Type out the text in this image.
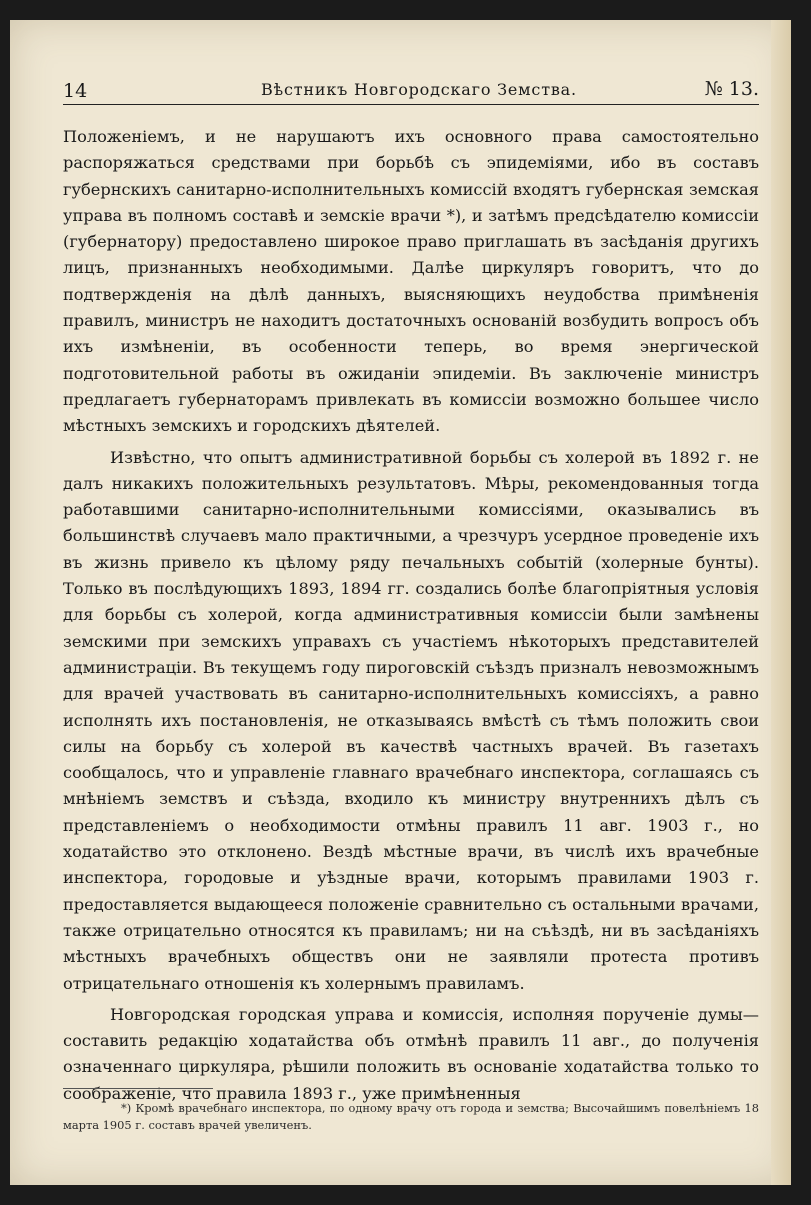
14	Вѣстникъ Новгородскаго Земства.	№ 13.

Положеніемъ, и не нарушаютъ ихъ основного права самостоятельно распоряжаться средствами при борьбѣ съ эпидеміями, ибо въ составъ губернскихъ санитарно-исполнительныхъ комиссій входятъ губернская земская управа въ полномъ составѣ и земскіе врачи *), и затѣмъ предсѣдателю комиссіи (губернатору) предоставлено широкое право приглашать въ засѣданія другихъ лицъ, признанныхъ необходимыми. Далѣе циркуляръ говоритъ, что до подтвержденія на дѣлѣ данныхъ, выясняющихъ неудобства примѣненія правилъ, министръ не находитъ достаточныхъ основаній возбудить вопросъ объ ихъ измѣненіи, въ особенности теперь, во время энергической подготовительной работы въ ожиданіи эпидеміи. Въ заключеніе министръ предлагаетъ губернаторамъ привлекать въ комиссіи возможно большее число мѣстныхъ земскихъ и городскихъ дѣятелей.

Извѣстно, что опытъ административной борьбы съ холерой въ 1892 г. не далъ никакихъ положительныхъ результатовъ. Мѣры, рекомендованныя тогда работавшими санитарно-исполнительными комиссіями, оказывались въ большинствѣ случаевъ мало практичными, а чрезчуръ усердное проведеніе ихъ въ жизнь привело къ цѣлому ряду печальныхъ событій (холерные бунты). Только въ послѣдующихъ 1893, 1894 гг. создались болѣе благопріятныя условія для борьбы съ холерой, когда административныя комиссіи были замѣнены земскими при земскихъ управахъ съ участіемъ нѣкоторыхъ представителей администраціи. Въ текущемъ году пироговскій съѣздъ призналъ невозможнымъ для врачей участвовать въ санитарно-исполнительныхъ комиссіяхъ, а равно исполнять ихъ постановленія, не отказываясь вмѣстѣ съ тѣмъ положить свои силы на борьбу съ холерой въ качествѣ частныхъ врачей. Въ газетахъ сообщалось, что и управленіе главнаго врачебнаго инспектора, соглашаясь съ мнѣніемъ земствъ и съѣзда, входило къ министру внутреннихъ дѣлъ съ представленіемъ о необходимости отмѣны правилъ 11 авг. 1903 г., но ходатайство это отклонено. Вездѣ мѣстные врачи, въ числѣ ихъ врачебные инспектора, городовые и уѣздные врачи, которымъ правилами 1903 г. предоставляется выдающееся положеніе сравнительно съ остальными врачами, также отрицательно относятся къ правиламъ; ни на съѣздѣ, ни въ засѣданіяхъ мѣстныхъ врачебныхъ обществъ они не заявляли протеста противъ отрицательнаго отношенія къ холернымъ правиламъ.

Новгородская городская управа и комиссія, исполняя порученіе думы—составить редакцію ходатайства объ отмѣнѣ правилъ 11 авг., до полученія означеннаго циркуляра, рѣшили положить въ основаніе ходатайства только то соображеніе, что правила 1893 г., уже примѣненныя

*) Кромѣ врачебнаго инспектора, по одному врачу отъ города и земства; Высочайшимъ повелѣніемъ 18 марта 1905 г. составъ врачей увеличенъ.
